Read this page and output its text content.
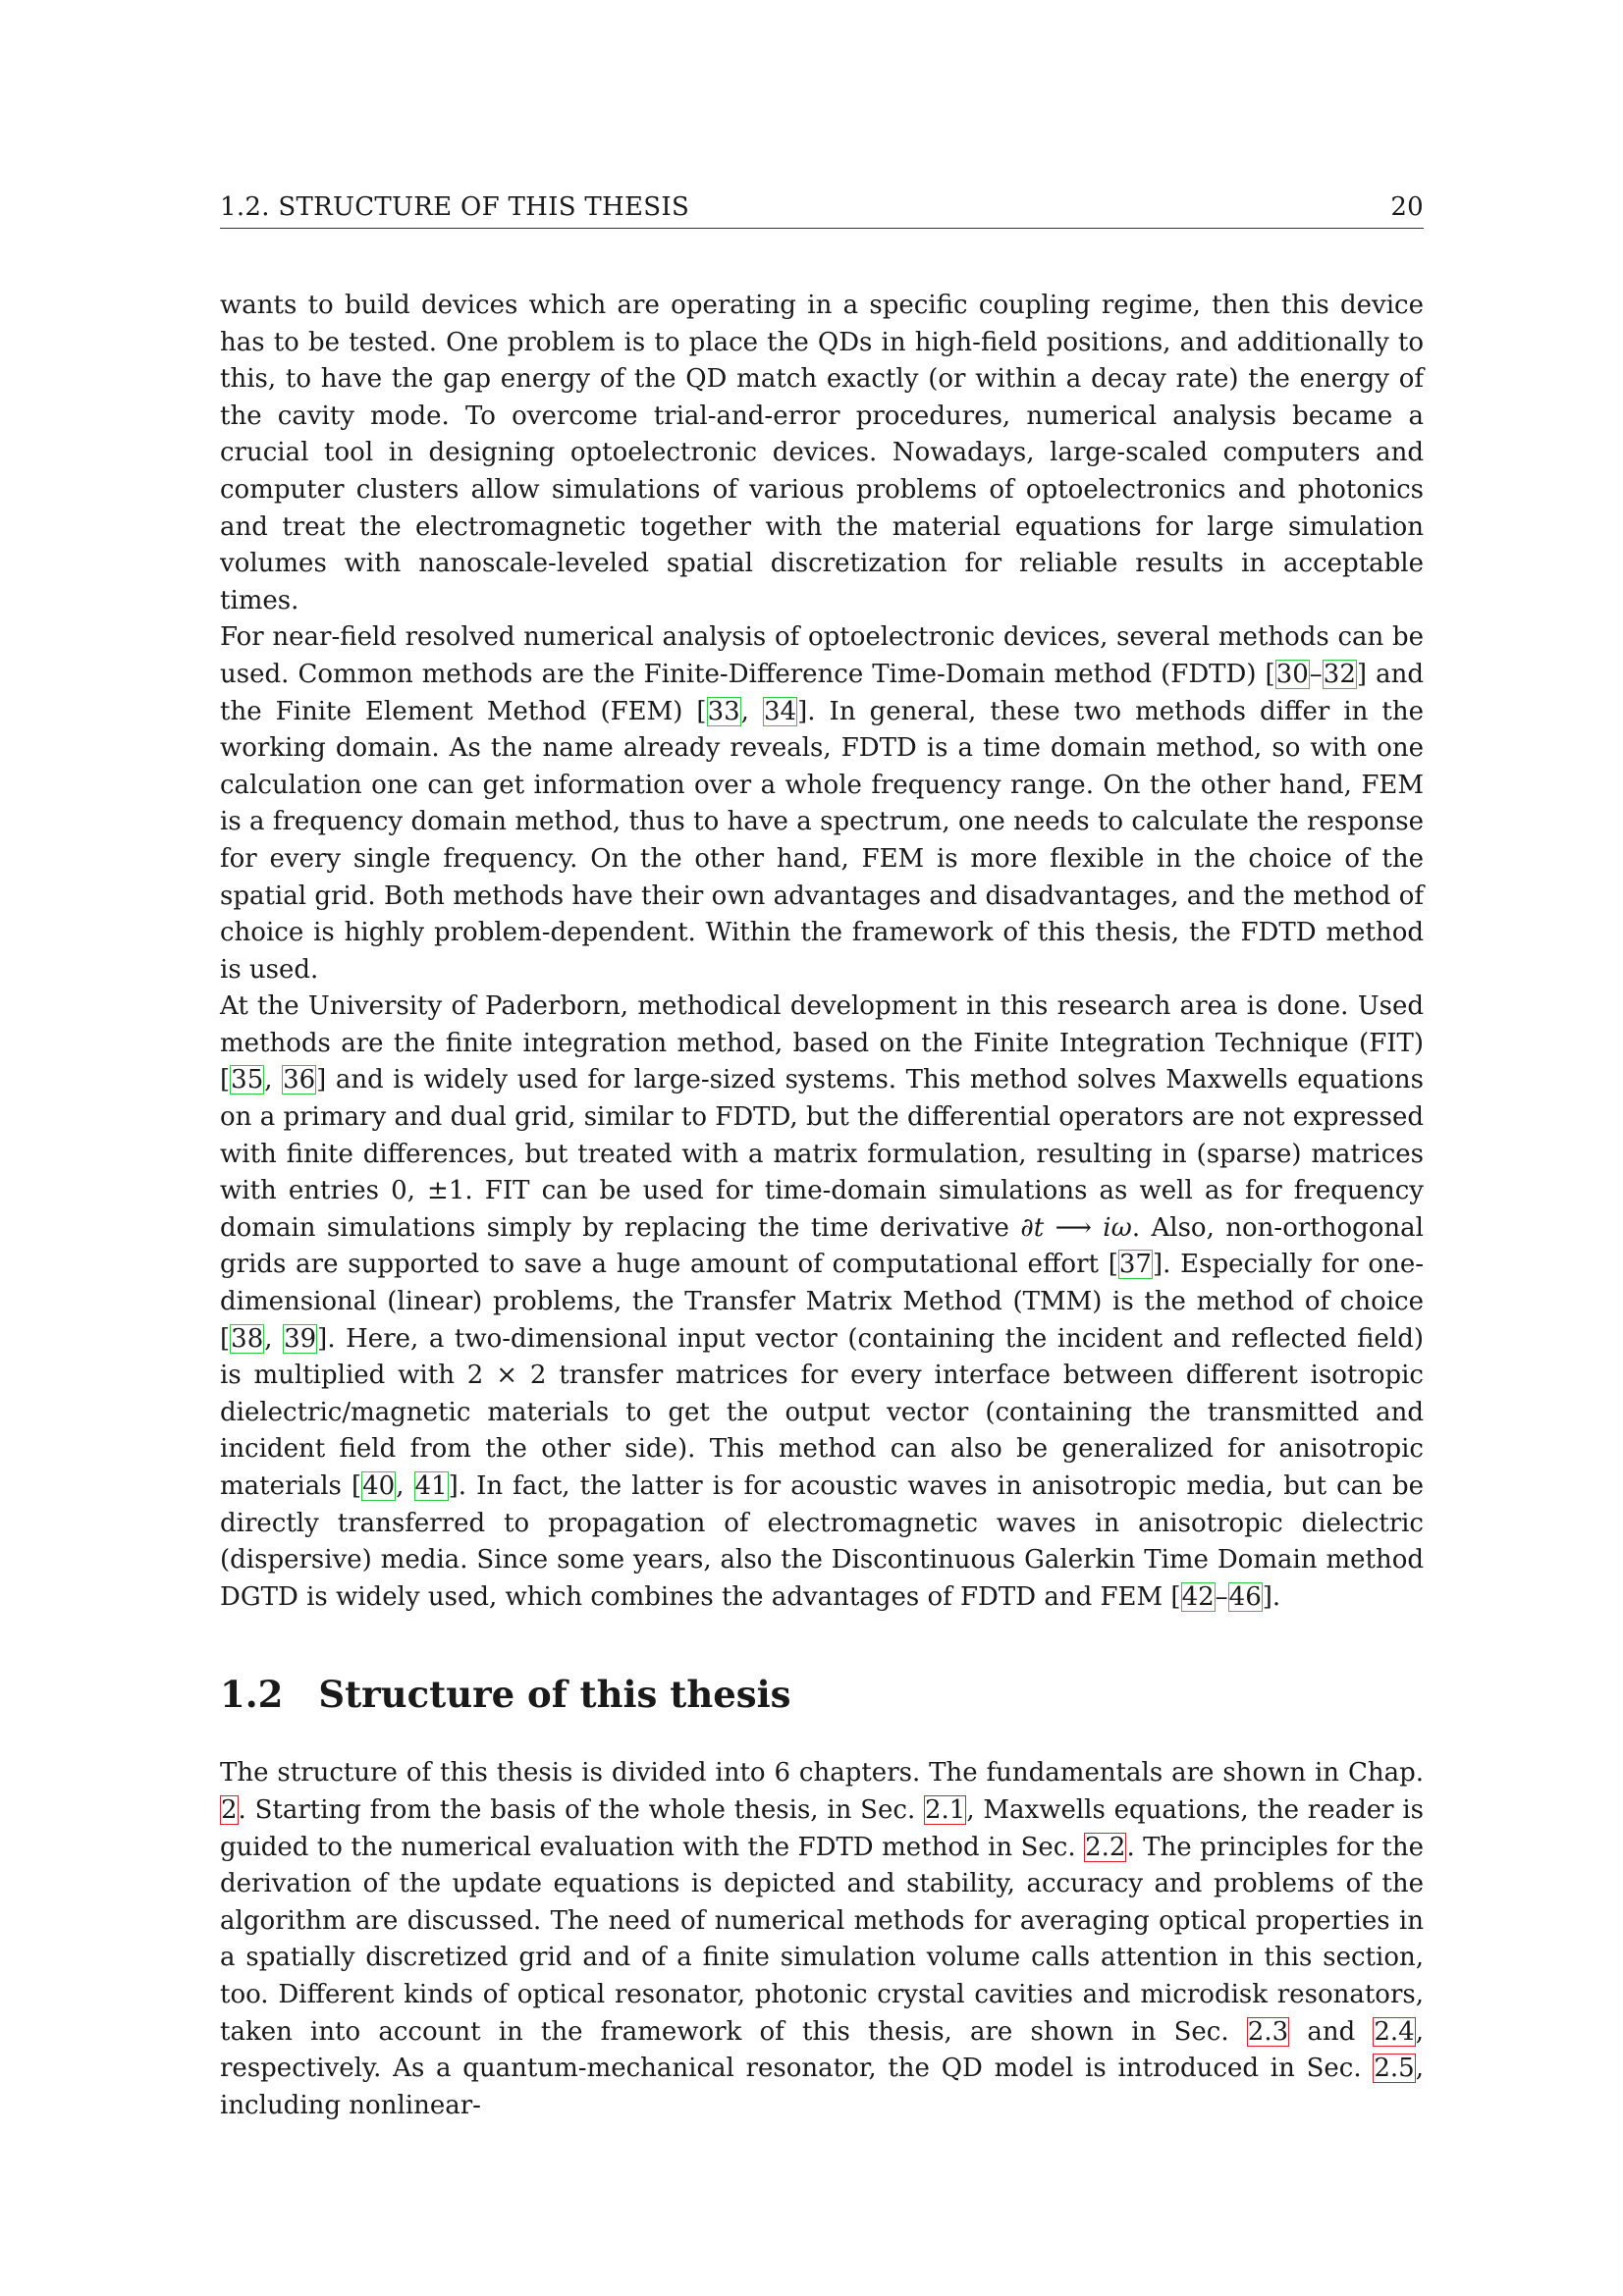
1.2. STRUCTURE OF THIS THESIS	20

wants to build devices which are operating in a specific coupling regime, then this device has to be tested. One problem is to place the QDs in high-field positions, and additionally to this, to have the gap energy of the QD match exactly (or within a decay rate) the energy of the cavity mode. To overcome trial-and-error procedures, numerical analysis became a crucial tool in designing optoelectronic devices. Nowadays, large-scaled computers and computer clusters allow simulations of various problems of optoelectronics and photonics and treat the electromagnetic together with the material equations for large simulation volumes with nanoscale-leveled spatial discretization for reliable results in acceptable times.

For near-field resolved numerical analysis of optoelectronic devices, several methods can be used. Common methods are the Finite-Difference Time-Domain method (FDTD) [30–32] and the Finite Element Method (FEM) [33, 34]. In general, these two methods differ in the working domain. As the name already reveals, FDTD is a time domain method, so with one calculation one can get information over a whole frequency range. On the other hand, FEM is a frequency domain method, thus to have a spectrum, one needs to calculate the response for every single frequency. On the other hand, FEM is more flexible in the choice of the spatial grid. Both methods have their own advantages and disadvantages, and the method of choice is highly problem-dependent. Within the framework of this thesis, the FDTD method is used.

At the University of Paderborn, methodical development in this research area is done. Used methods are the finite integration method, based on the Finite Integration Technique (FIT) [35, 36] and is widely used for large-sized systems. This method solves Maxwells equations on a primary and dual grid, similar to FDTD, but the differential operators are not expressed with finite differences, but treated with a matrix formulation, resulting in (sparse) matrices with entries 0, ±1. FIT can be used for time-domain simulations as well as for frequency domain simulations simply by replacing the time derivative ∂t ⟶ iω. Also, non-orthogonal grids are supported to save a huge amount of computational effort [37]. Especially for one-dimensional (linear) problems, the Transfer Matrix Method (TMM) is the method of choice [38, 39]. Here, a two-dimensional input vector (containing the incident and reflected field) is multiplied with 2 × 2 transfer matrices for every interface between different isotropic dielectric/magnetic materials to get the output vector (containing the transmitted and incident field from the other side). This method can also be generalized for anisotropic materials [40, 41]. In fact, the latter is for acoustic waves in anisotropic media, but can be directly transferred to propagation of electromagnetic waves in anisotropic dielectric (dispersive) media. Since some years, also the Discontinuous Galerkin Time Domain method DGTD is widely used, which combines the advantages of FDTD and FEM [42–46].

1.2 Structure of this thesis

The structure of this thesis is divided into 6 chapters. The fundamentals are shown in Chap. 2. Starting from the basis of the whole thesis, in Sec. 2.1, Maxwells equations, the reader is guided to the numerical evaluation with the FDTD method in Sec. 2.2. The principles for the derivation of the update equations is depicted and stability, accuracy and problems of the algorithm are discussed. The need of numerical methods for averaging optical properties in a spatially discretized grid and of a finite simulation volume calls attention in this section, too. Different kinds of optical resonator, photonic crystal cavities and microdisk resonators, taken into account in the framework of this thesis, are shown in Sec. 2.3 and 2.4, respectively. As a quantum-mechanical resonator, the QD model is introduced in Sec. 2.5, including nonlinear-
